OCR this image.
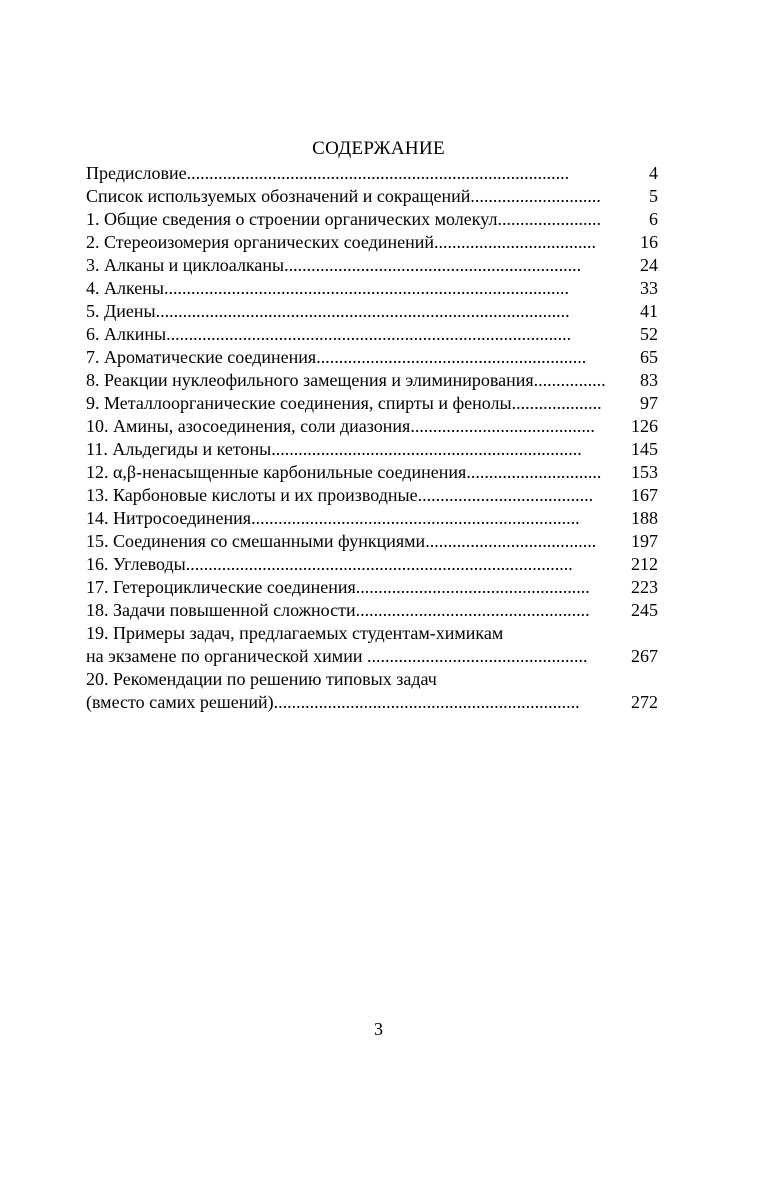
СОДЕРЖАНИЕ
Предисловие.....................................................................................	4
Список используемых обозначений и сокращений.............................	5
1. Общие сведения о строении органических молекул.......................	6
2. Стереоизомерия органических соединений....................................	16
3. Алканы и циклоалканы..................................................................	24
4. Алкены..........................................................................................	33
5. Диены............................................................................................	41
6. Алкины..........................................................................................	52
7. Ароматические соединения............................................................	65
8. Реакции нуклеофильного замещения и элиминирования................	83
9. Металлоорганические соединения, спирты и фенолы....................	97
10. Амины, азосоединения, соли диазония.........................................	126
11. Альдегиды и кетоны.....................................................................	145
12. α,β-ненасыщенные карбонильные соединения..............................	153
13. Карбоновые кислоты и их производные.......................................	167
14. Нитросоединения.........................................................................	188
15. Соединения со смешанными функциями......................................	197
16. Углеводы......................................................................................	212
17. Гетероциклические соединения....................................................	223
18. Задачи повышенной сложности....................................................	245
19. Примеры задач, предлагаемых студентам-химикам
на экзамене по органической химии .................................................	267
20. Рекомендации по решению типовых задач
(вместо самих решений)....................................................................	272
3
